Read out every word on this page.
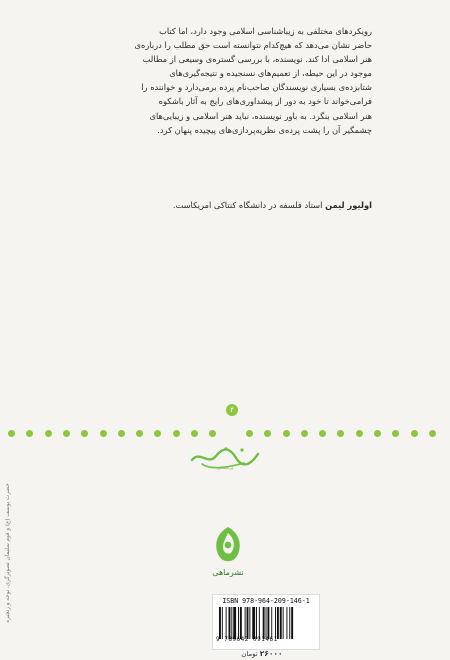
رویکردهای مختلفی به زیباشناسی اسلامی وجود دارد، اما کتاب

حاضر نشان می‌دهد که هیچ‌کدام نتوانسته است حق مطلب را درباره‌ی

هنر اسلامی ادا کند. نویسنده، با بررسی گستره‌ی وسیعی از مطالب

موجود در این حیطه، از تعمیم‌های نسنجیده و نتیجه‌گیری‌های

شتابزده‌ی بسیاری نویسندگان صاحب‌نام پرده برمی‌دارد و خواننده را

فرامی‌خواند تا خود به دور از پیشداوری‌های رایج به آثار باشکوه

هنر اسلامی بنگرد. به باور نویسنده، نباید هنر اسلامی و زیبایی‌های

چشمگیر آن را پشت پرده‌ی نظریه‌پردازی‌های پیچیده پنهان کرد.

اولیور لیمن استاد فلسفه در دانشگاه کنتاکی امریکاست.
۴
ورباستانی
حضرت یوسف (ع) و قوم سلیمان تصویرگری، نوحه و زنجیره	نشرماهی
ISBN 978-964-209-146-1
9 789642 091461
۲۶۰۰۰ تومان
